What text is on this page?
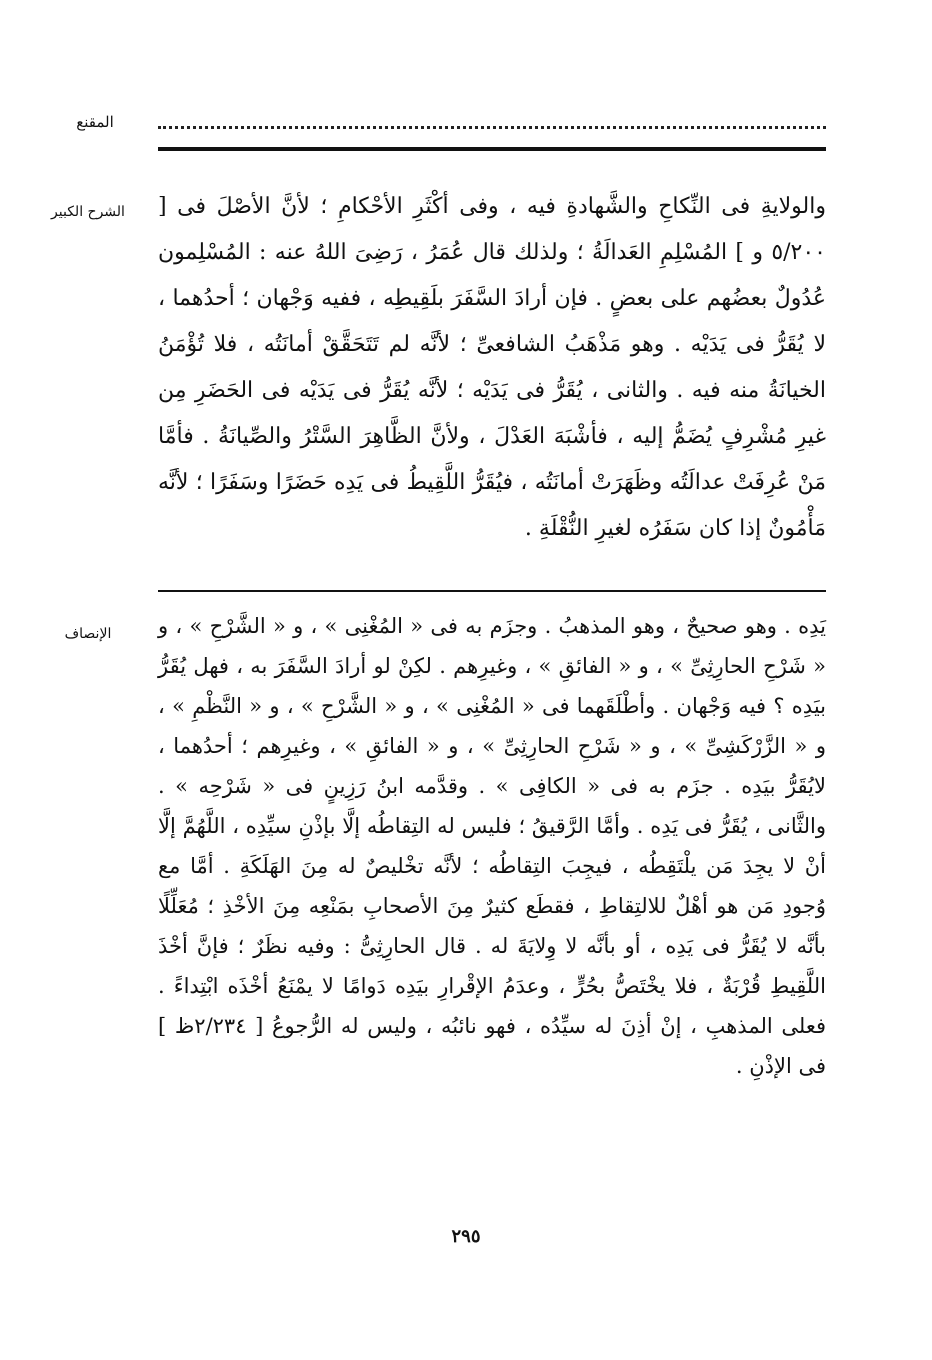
المقنع
الشرح الكبير	والولايةِ فى النِّكاحِ والشَّهادةِ فيه ، وفى أكْثَرِ الأحْكامِ ؛ لأنَّ الأصْلَ فى [ ٥/٢٠٠ و ] المُسْلِمِ العَدالَةُ ؛ ولذلك قال عُمَرُ ، رَضِىَ اللهُ عنه : المُسْلِمون عُدُولٌ بعضُهم على بعضٍ . فإن أرادَ السَّفَرَ بلَقِيطِه ، ففيه وَجْهان ؛ أحدُهما ، لا يُقَرُّ فى يَدَيْه . وهو مَذْهَبُ الشافعىِّ ؛ لأنَّه لم تَتَحَقَّقْ أمانَتُه ، فلا تُؤْمَنُ الخيانَةُ منه فيه . والثانى ، يُقَرُّ فى يَدَيْه ؛ لأنَّه يُقَرُّ فى يَدَيْه فى الحَضَرِ مِن غيرِ مُشْرِفٍ يُضَمُّ إليه ، فأشْبَهَ العَدْلَ ، ولأنَّ الظَّاهِرَ السَّتْرُ والصِّيانَةُ . فأمَّا مَنْ عُرِفَتْ عدالَتُه وظَهَرَتْ أمانَتُه ، فيُقَرُّ اللَّقِيطُ فى يَدِه حَضَرًا وسَفَرًا ؛ لأنَّه مَأْمُونٌ إذا كان سَفَرُه لغيرِ النُّقْلَةِ .

الإنصاف	يَدِه . وهو صحيحٌ ، وهو المذهبُ . وجزَم به فى « المُغْنِى » ، و « الشَّرْحِ » ، و « شَرْحِ الحارِثِىِّ » ، و « الفائقِ » ، وغيرِهم . لكِنْ لو أرادَ السَّفَرَ به ، فهل يُقَرُّ بيَدِه ؟ فيه وَجْهان . وأطْلَقَهما فى « المُغْنِى » ، و « الشَّرْحِ » ، و « النَّظْمِ » ، و « الزَّرْكَشِىِّ » ، و « شَرْحِ الحارِثِىِّ » ، و « الفائقِ » ، وغيرِهم ؛ أحدُهما ، لايُقَرُّ بيَدِه . جزَم به فى « الكافِى » . وقدَّمه ابنُ رَزِينٍ فى « شَرْحِه » . والثَّانى ، يُقَرُّ فى يَدِه . وأمَّا الرَّقيقُ ؛ فليس له التِقاطُه إلَّا بإذْنِ سيِّدِه ، اللَّهُمَّ إلَّا أنْ لا يجِدَ مَن يلْتَقِطُه ، فيجِبَ التِقاطُه ؛ لأنَّه تخْليصٌ له مِنَ الهَلَكَةِ . أمَّا مع وُجودِ مَن هو أهْلٌ للالتِقاطِ ، فقطَع كثيرٌ مِنَ الأصحابِ بمَنْعِه مِنَ الأخْذِ ؛ مُعَلِّلًا بأنَّه لا يُقَرُّ فى يَدِه ، أو بأنَّه لا وِلايَةَ له . قال الحارِثِىُّ : وفيه نظَرٌ ؛ فإنَّ أخْذَ اللَّقِيطِ قُرْبَةٌ ، فلا يخْتَصُّ بحُرٍّ ، وعدَمُ الإقْرارِ بيَدِه دَوامًا لا يمْنَعُ أخْذَه ابْتِداءً . فعلى المذهبِ ، إنْ أذِنَ له سيِّدُه ، فهو نائبُه ، وليس له الرُّجوعُ [ ٢/٢٣٤ظ ] فى الإذْنِ .

٢٩٥
